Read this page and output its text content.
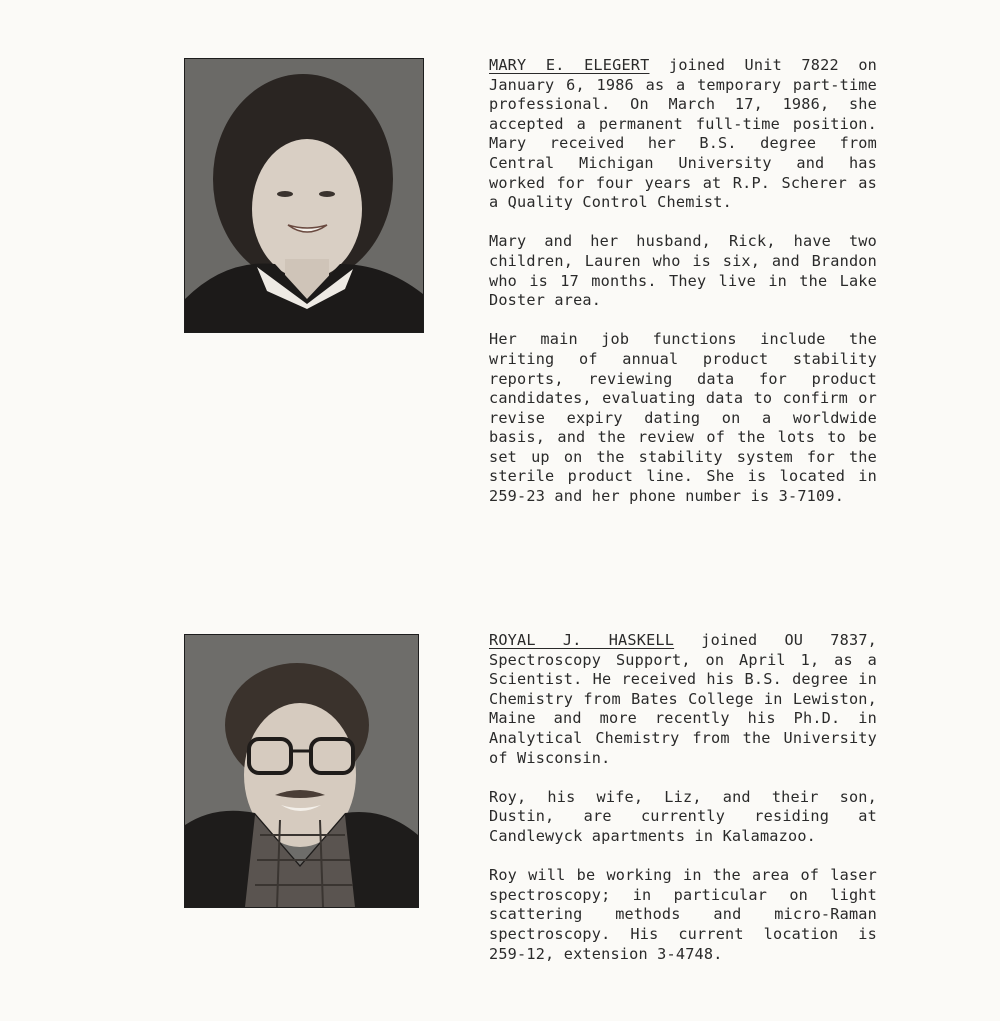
MARY E. ELEGERT joined Unit 7822 on January 6, 1986 as a temporary part-time professional. On March 17, 1986, she accepted a permanent full-time position. Mary received her B.S. degree from Central Michigan University and has worked for four years at R.P. Scherer as a Quality Control Chemist.

Mary and her husband, Rick, have two children, Lauren who is six, and Brandon who is 17 months. They live in the Lake Doster area.

Her main job functions include the writing of annual product stability reports, reviewing data for product candidates, evaluating data to confirm or revise expiry dating on a worldwide basis, and the review of the lots to be set up on the stability system for the sterile product line. She is located in 259-23 and her phone number is 3-7109.

ROYAL J. HASKELL joined OU 7837, Spectroscopy Support, on April 1, as a Scientist. He received his B.S. degree in Chemistry from Bates College in Lewiston, Maine and more recently his Ph.D. in Analytical Chemistry from the University of Wisconsin.

Roy, his wife, Liz, and their son, Dustin, are currently residing at Candlewyck apartments in Kalamazoo.

Roy will be working in the area of laser spectroscopy; in particular on light scattering methods and micro-Raman spectroscopy. His current location is 259-12, extension 3-4748.
